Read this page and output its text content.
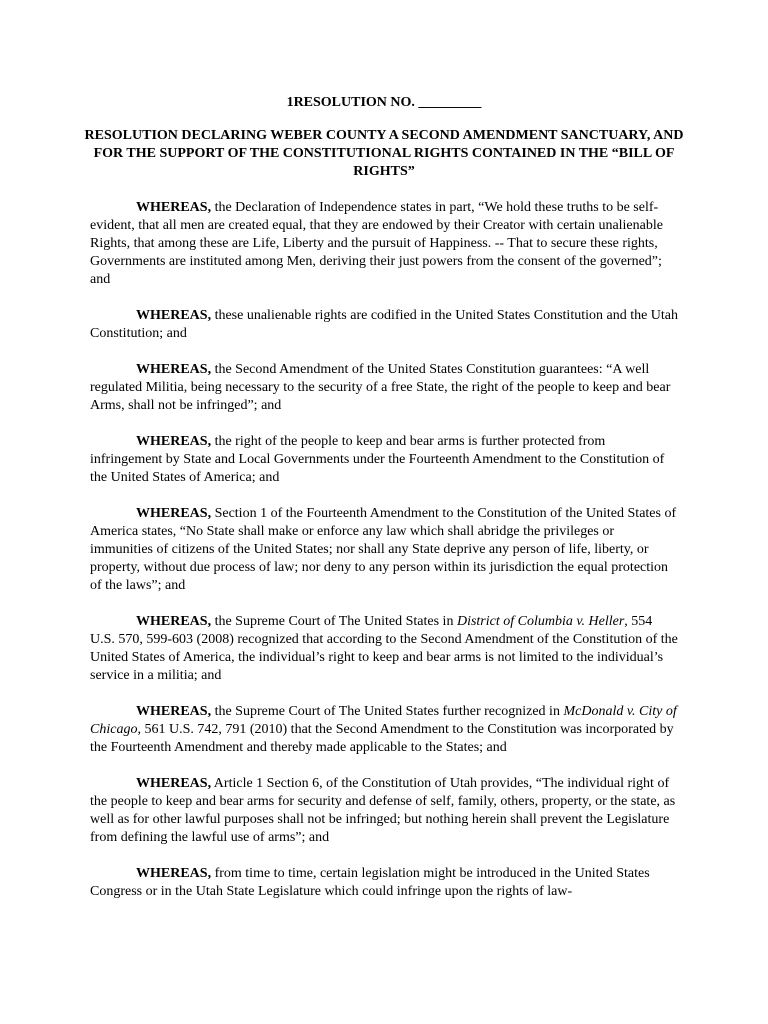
1RESOLUTION NO. _________
RESOLUTION DECLARING WEBER COUNTY A SECOND AMENDMENT SANCTUARY, AND FOR THE SUPPORT OF THE CONSTITUTIONAL RIGHTS CONTAINED IN THE “BILL OF RIGHTS”

WHEREAS, the Declaration of Independence states in part, “We hold these truths to be self-evident, that all men are created equal, that they are endowed by their Creator with certain unalienable Rights, that among these are Life, Liberty and the pursuit of Happiness. -- That to secure these rights, Governments are instituted among Men, deriving their just powers from the consent of the governed”; and

WHEREAS, these unalienable rights are codified in the United States Constitution and the Utah Constitution; and

WHEREAS, the Second Amendment of the United States Constitution guarantees: “A well regulated Militia, being necessary to the security of a free State, the right of the people to keep and bear Arms, shall not be infringed”; and

WHEREAS, the right of the people to keep and bear arms is further protected from infringement by State and Local Governments under the Fourteenth Amendment to the Constitution of the United States of America; and

WHEREAS, Section 1 of the Fourteenth Amendment to the Constitution of the United States of America states, “No State shall make or enforce any law which shall abridge the privileges or immunities of citizens of the United States; nor shall any State deprive any person of life, liberty, or property, without due process of law; nor deny to any person within its jurisdiction the equal protection of the laws”; and

WHEREAS, the Supreme Court of The United States in District of Columbia v. Heller, 554 U.S. 570, 599-603 (2008) recognized that according to the Second Amendment of the Constitution of the United States of America, the individual’s right to keep and bear arms is not limited to the individual’s service in a militia; and

WHEREAS, the Supreme Court of The United States further recognized in McDonald v. City of Chicago, 561 U.S. 742, 791 (2010) that the Second Amendment to the Constitution was incorporated by the Fourteenth Amendment and thereby made applicable to the States; and

WHEREAS, Article 1 Section 6, of the Constitution of Utah provides, “The individual right of the people to keep and bear arms for security and defense of self, family, others, property, or the state, as well as for other lawful purposes shall not be infringed; but nothing herein shall prevent the Legislature from defining the lawful use of arms”; and

WHEREAS, from time to time, certain legislation might be introduced in the United States Congress or in the Utah State Legislature which could infringe upon the rights of law-
